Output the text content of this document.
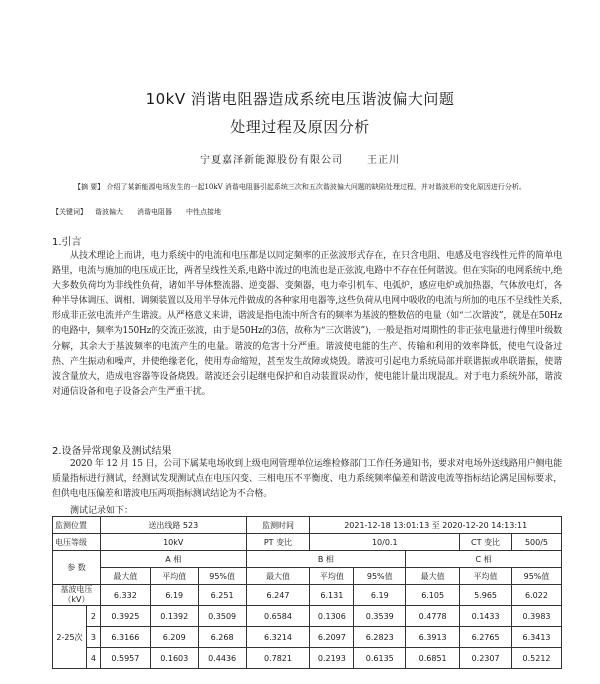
10kV 消谐电阻器造成系统电压谐波偏大问题
处理过程及原因分析
宁夏嘉泽新能源股份有限公司 王正川
【摘 要】 介绍了某新能源电场发生的一起10kV 消谐电阻器引起系统三次和五次谐波偏大问题的缺陷处理过程，并对谐波形的变化原因进行分析。
【关键词】 谐波偏大 消谐电阻器 中性点接地
1.引言
从技术理论上而讲，电力系统中的电流和电压都是以同定频率的正弦波形式存在，在只含电阻、电感及电容线性元件的简单电路里，电流与施加的电压成正比，两者呈线性关系,电路中流过的电流也是正弦波,电路中不存在任何谐波。但在实际的电网系统中,绝大多数负荷均为非线性负荷，诸如半导体整流器、逆变器、变频器，电力牵引机车、电弧炉，感应电炉或加热器，气体放电灯，各种半导体调压、调相、调频装置以及用半导体元件做成的各种家用电器等,这些负荷从电网中吸收的电流与所加的电压不呈线性关系,形成非正弦电流并产生谐波。从严格意义来讲，谐波是指电流中所含有的频率为基波的整数倍的电量（如“二次谐波”，就是在50Hz的电路中，频率为150Hz的交流正弦波，由于是50Hz的3倍，故称为“三次谐波”)，一般是指对周期性的非正弦电量进行傅里叶级数分解，其余大于基波频率的电流产生的电量。谐波的危害十分严重。谐波使电能的生产、传输和利用的效率降低，使电气设备过热、产生振动和噪声，并使绝缘老化，使用寿命缩短，甚至发生故障或烧毁。谐波可引起电力系统局部并联谐振或串联谐振，使谐波含量放大，造成电容器等设备烧毁。谐波还会引起继电保护和自动装置误动作，使电能计量出现混乱。对于电力系统外部，谐波对通信设备和电子设备会产生严重干扰。
2.设备异常现象及测试结果
2020 年 12 月 15 日，公司下属某电场收到上级电网管理单位运维检修部门工作任务通知书，要求对电场外送线路用户侧电能质量指标进行测试，经测试发现测试点在电压闪变、三相电压不平衡度、电力系统频率偏差和谐波电流等指标结论满足国标要求，但供电电压偏差和谐波电压两项指标测试结论为不合格。
测试记录如下：
监测位置		送出线路 523			监测时间	2021-12-18 13:01:13 至 2020-12-20 14:13:11				
电压等级		10kV			PT 变比	10/0.1			CT 变比	500/5
参 数		A 相			B 相			C 相		
		最大值	平均值	95%值	最大值	平均值	95%值	最大值	平均值	95%值
基波电压（kV）		6.332	6.19	6.251	6.247	6.131	6.19	6.105	5.965	6.022
2-25次	2	0.3925	0.1392	0.3509	0.6584	0.1306	0.3539	0.4778	0.1433	0.3983
	3	6.3166	6.209	6.268	6.3214	6.2097	6.2823	6.3913	6.2765	6.3413
	4	0.5957	0.1603	0.4436	0.7821	0.2193	0.6135	0.6851	0.2307	0.5212
